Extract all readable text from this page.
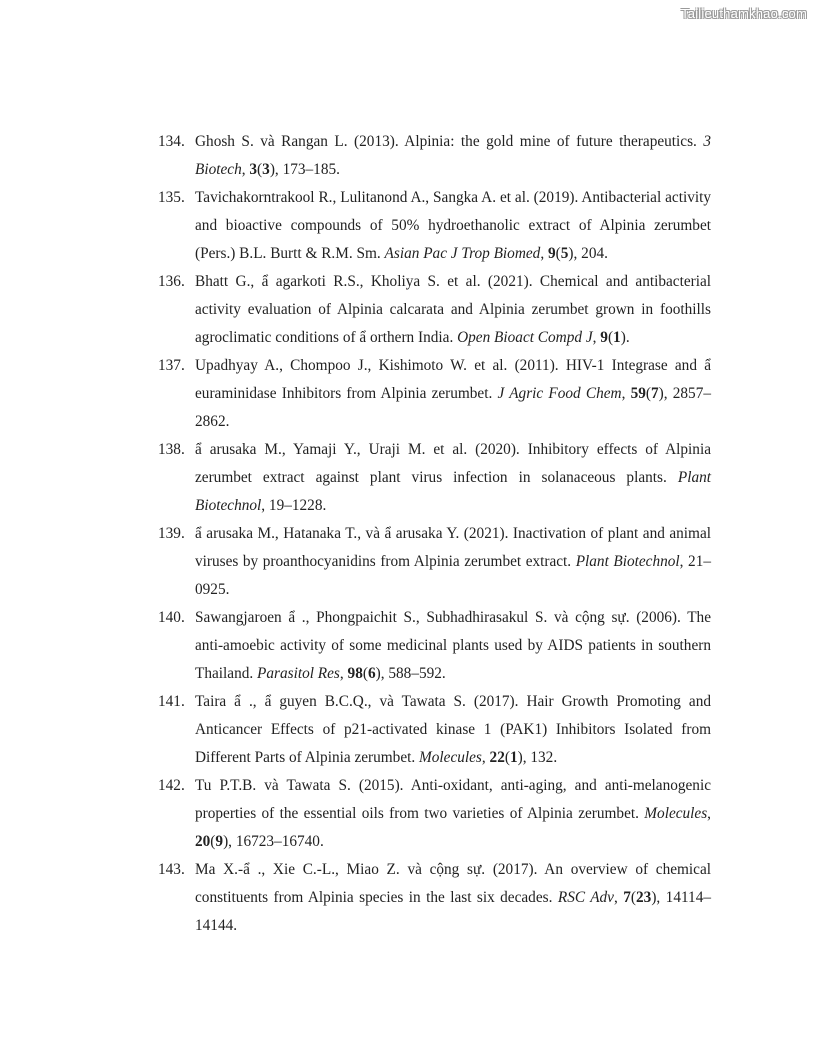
Tailieuthamkhao.com
134. Ghosh S. và Rangan L. (2013). Alpinia: the gold mine of future therapeutics. 3 Biotech, 3(3), 173–185.
135. Tavichakorntrakool R., Lulitanond A., Sangka A. et al. (2019). Antibacterial activity and bioactive compounds of 50% hydroethanolic extract of Alpinia zerumbet (Pers.) B.L. Burtt & R.M. Sm. Asian Pac J Trop Biomed, 9(5), 204.
136. Bhatt G., ẩ agarkoti R.S., Kholiya S. et al. (2021). Chemical and antibacterial activity evaluation of Alpinia calcarata and Alpinia zerumbet grown in foothills agroclimatic conditions of ẩ orthern India. Open Bioact Compd J, 9(1).
137. Upadhyay A., Chompoo J., Kishimoto W. et al. (2011). HIV-1 Integrase and ẩ euraminidase Inhibitors from Alpinia zerumbet. J Agric Food Chem, 59(7), 2857–2862.
138. ẩ arusaka M., Yamaji Y., Uraji M. et al. (2020). Inhibitory effects of Alpinia zerumbet extract against plant virus infection in solanaceous plants. Plant Biotechnol, 19–1228.
139. ẩ arusaka M., Hatanaka T., và ẩ arusaka Y. (2021). Inactivation of plant and animal viruses by proanthocyanidins from Alpinia zerumbet extract. Plant Biotechnol, 21–0925.
140. Sawangjaroen ẩ ., Phongpaichit S., Subhadhirasakul S. và cộng sự. (2006). The anti-amoebic activity of some medicinal plants used by AIDS patients in southern Thailand. Parasitol Res, 98(6), 588–592.
141. Taira ẩ ., ẩ guyen B.C.Q., và Tawata S. (2017). Hair Growth Promoting and Anticancer Effects of p21-activated kinase 1 (PAK1) Inhibitors Isolated from Different Parts of Alpinia zerumbet. Molecules, 22(1), 132.
142. Tu P.T.B. và Tawata S. (2015). Anti-oxidant, anti-aging, and anti-melanogenic properties of the essential oils from two varieties of Alpinia zerumbet. Molecules, 20(9), 16723–16740.
143. Ma X.-ẩ ., Xie C.-L., Miao Z. và cộng sự. (2017). An overview of chemical constituents from Alpinia species in the last six decades. RSC Adv, 7(23), 14114–14144.
